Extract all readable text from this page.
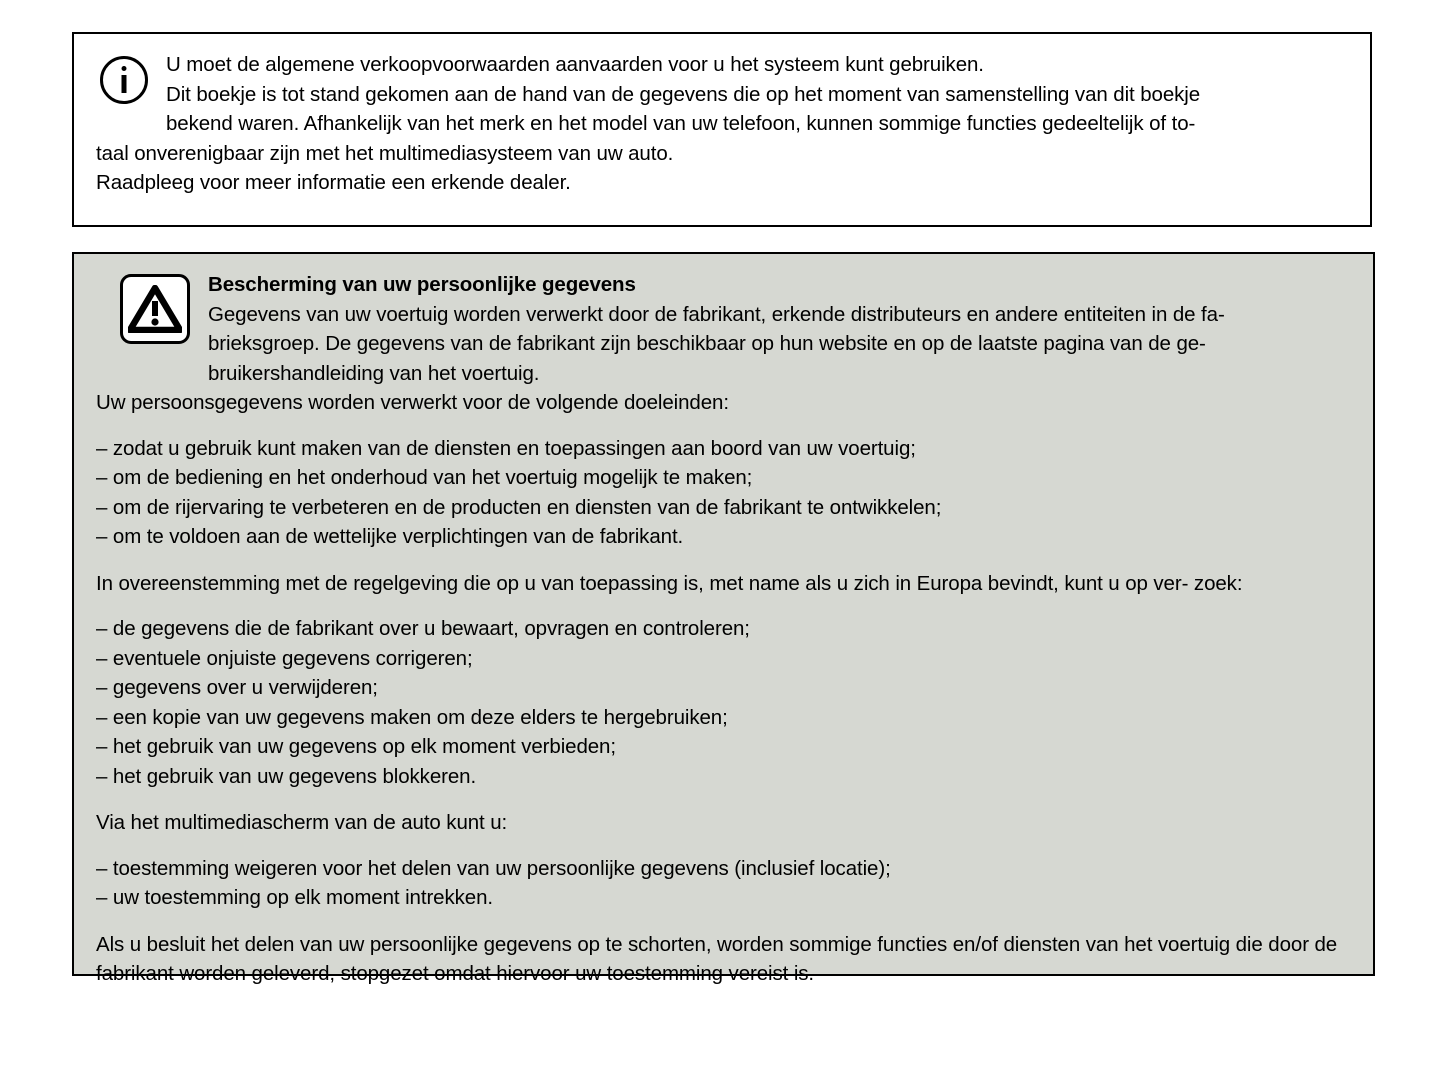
U moet de algemene verkoopvoorwaarden aanvaarden voor u het systeem kunt gebruiken.
Dit boekje is tot stand gekomen aan de hand van de gegevens die op het moment van samenstelling van dit boekje
bekend waren. Afhankelijk van het merk en het model van uw telefoon, kunnen sommige functies gedeeltelijk of to-
taal onverenigbaar zijn met het multimediasysteem van uw auto.
Raadpleeg voor meer informatie een erkende dealer.
Bescherming van uw persoonlijke gegevens
Gegevens van uw voertuig worden verwerkt door de fabrikant, erkende distributeurs en andere entiteiten in de fa-
brieksgroep. De gegevens van de fabrikant zijn beschikbaar op hun website en op de laatste pagina van de ge-
bruikershandleiding van het voertuig.
Uw persoonsgegevens worden verwerkt voor de volgende doeleinden:
– zodat u gebruik kunt maken van de diensten en toepassingen aan boord van uw voertuig;
– om de bediening en het onderhoud van het voertuig mogelijk te maken;
– om de rijervaring te verbeteren en de producten en diensten van de fabrikant te ontwikkelen;
– om te voldoen aan de wettelijke verplichtingen van de fabrikant.
In overeenstemming met de regelgeving die op u van toepassing is, met name als u zich in Europa bevindt, kunt u op ver- zoek:
– de gegevens die de fabrikant over u bewaart, opvragen en controleren;
– eventuele onjuiste gegevens corrigeren;
– gegevens over u verwijderen;
– een kopie van uw gegevens maken om deze elders te hergebruiken;
– het gebruik van uw gegevens op elk moment verbieden;
– het gebruik van uw gegevens blokkeren.
Via het multimediascherm van de auto kunt u:
– toestemming weigeren voor het delen van uw persoonlijke gegevens (inclusief locatie);
– uw toestemming op elk moment intrekken.
Als u besluit het delen van uw persoonlijke gegevens op te schorten, worden sommige functies en/of diensten van het voertuig die door de fabrikant worden geleverd, stopgezet omdat hiervoor uw toestemming vereist is.
